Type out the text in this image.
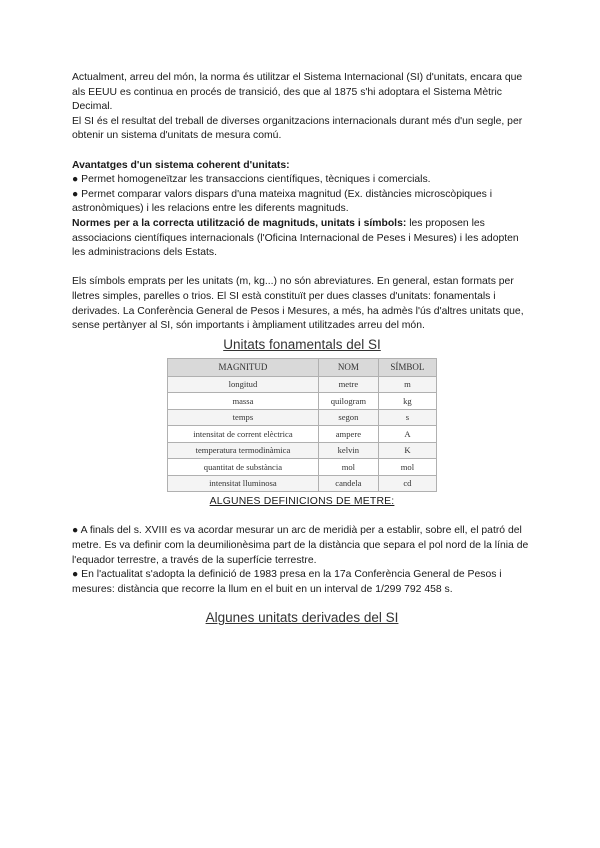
Actualment, arreu del món, la norma és utilitzar el Sistema Internacional (SI) d'unitats, encara que als EEUU es continua en procés de transició, des que al 1875 s'hi adoptara el Sistema Mètric Decimal.

El SI és el resultat del treball de diverses organitzacions internacionals durant més d'un segle, per obtenir un sistema d'unitats de mesura comú.

Avantatges d'un sistema coherent d'unitats:

● Permet homogeneïtzar les transaccions científiques, tècniques i comercials.

● Permet comparar valors dispars d'una mateixa magnitud (Ex. distàncies microscòpiques i astronòmiques) i les relacions entre les diferents magnituds.

Normes per a la correcta utilització de magnituds, unitats i símbols: les proposen les associacions científiques internacionals (l'Oficina Internacional de Peses i Mesures) i les adopten les administracions dels Estats.

Els símbols emprats per les unitats (m, kg...) no són abreviatures. En general, estan formats per lletres simples, parelles o trios. El SI està constituït per dues classes d'unitats: fonamentals i derivades. La Conferència General de Pesos i Mesures, a més, ha admès l'ús d'altres unitats que, sense pertànyer al SI, són importants i àmpliament utilitzades arreu del món.

Unitats fonamentals del SI
MAGNITUD	NOM	SÍMBOL
longitud	metre	m
massa	quilogram	kg
temps	segon	s
intensitat de corrent elèctrica	ampere	A
temperatura termodinàmica	kelvin	K
quantitat de substància	mol	mol
intensitat lluminosa	candela	cd
ALGUNES DEFINICIONS DE METRE:

● A finals del s. XVIII es va acordar mesurar un arc de meridià per a establir, sobre ell, el patró del metre. Es va definir com la deumilionèsima part de la distància que separa el pol nord de la línia de l'equador terrestre, a través de la superfície terrestre.

● En l'actualitat s'adopta la definició de 1983 presa en la 17a Conferència General de Pesos i mesures: distància que recorre la llum en el buit en un interval de 1/299 792 458 s.

Algunes unitats derivades del SI
